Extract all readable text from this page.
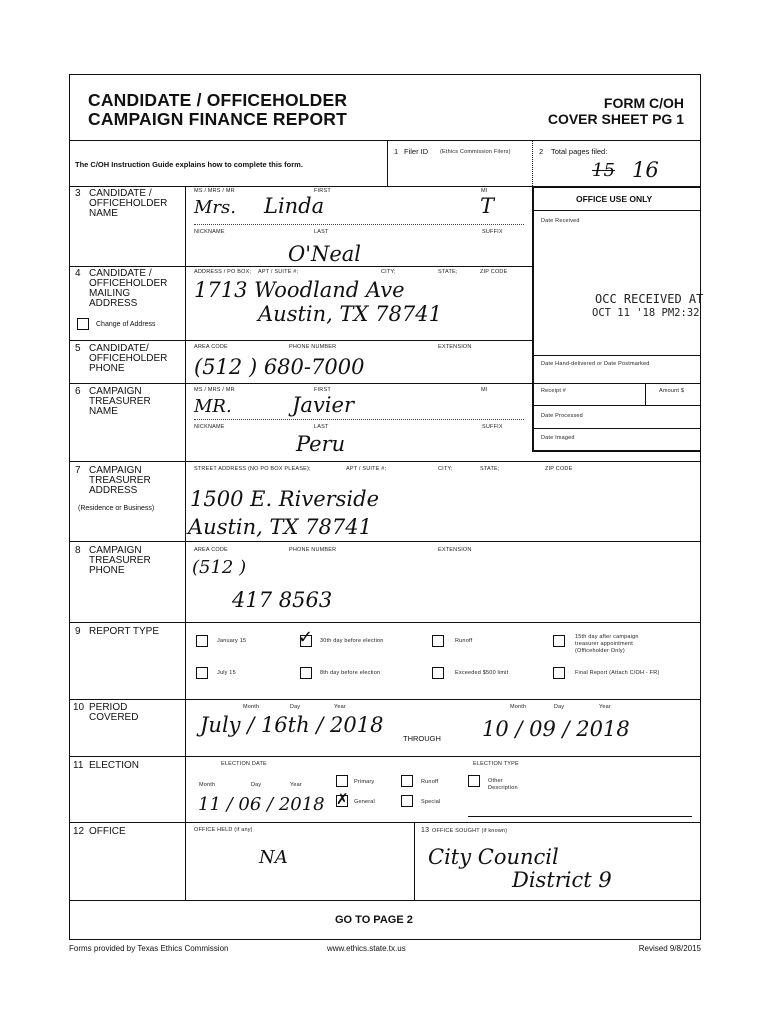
CANDIDATE / OFFICEHOLDER
CAMPAIGN FINANCE REPORT
FORM C/OH
COVER SHEET PG 1
The C/OH Instruction Guide explains how to complete this form.
1 Filer ID (Ethics Commission Filers)	2 Total pages filed:
15 16
OFFICE USE ONLY
Date Received
OCC RECEIVED AT
OCT 11 '18 PM2:32
Date Hand-delivered or Date Postmarked
Receipt #	Amount $
Date Processed
Date Imaged
3 CANDIDATE /
OFFICEHOLDER
NAME
MS / MRS / MR	FIRST	MI
Mrs. Linda	T
NICKNAME	LAST	SUFFIX
O'Neal
4 CANDIDATE /
OFFICEHOLDER
MAILING
ADDRESS
Change of Address
ADDRESS / PO BOX; APT / SUITE #;	CITY;	STATE;	ZIP CODE
1713 Woodland Ave
Austin, TX 78741
5 CANDIDATE/
OFFICEHOLDER
PHONE
AREA CODE	PHONE NUMBER	EXTENSION
(512 ) 680-7000
6 CAMPAIGN
TREASURER
NAME
MS / MRS / MR	FIRST	MI
MR.	Javier
NICKNAME	LAST	SUFFIX
Peru
7 CAMPAIGN
TREASURER
ADDRESS
(Residence or Business)
STREET ADDRESS (NO PO BOX PLEASE);	APT / SUITE #;	CITY;	STATE;	ZIP CODE
1500 E. Riverside
Austin, TX 78741
8 CAMPAIGN
TREASURER
PHONE
AREA CODE	PHONE NUMBER	EXTENSION
(512 )
417 8563
9 REPORT TYPE
January 15	✓ 30th day before election	Runoff
15th day after campaign
treasurer appointment
(Officeholder Only)
July 15	8th day before election	Exceeded $500 limit	Final Report (Attach C/OH - FR)
10 PERIOD
COVERED
Month	Day	Year
July / 16th / 2018
THROUGH
Month	Day	Year
10 / 09 / 2018
11 ELECTION	ELECTION DATE	ELECTION TYPE
Month	Day	Year
11 / 06 / 2018
Primary
✗ General
Runoff
Special
Other
Description
12 OFFICE	OFFICE HELD (if any)
NA
13 OFFICE SOUGHT (if known)
City Council
District 9
GO TO PAGE 2
Forms provided by Texas Ethics Commission	www.ethics.state.tx.us	Revised 9/8/2015
